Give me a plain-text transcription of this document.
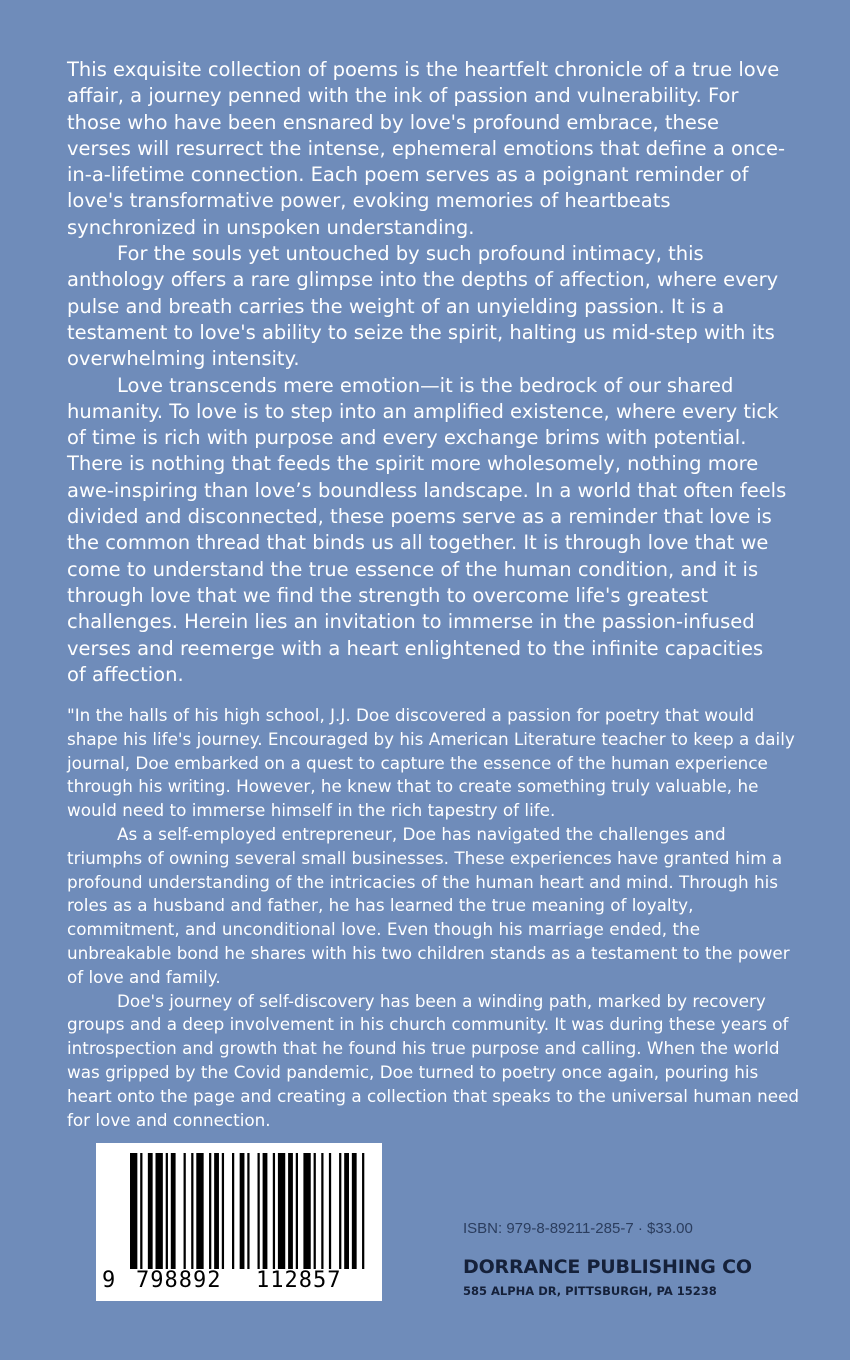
This exquisite collection of poems is the heartfelt chronicle of a true love affair, a journey penned with the ink of passion and vulnerability. For those who have been ensnared by love's profound embrace, these verses will resurrect the intense, ephemeral emotions that define a once-in-a-lifetime connection. Each poem serves as a poignant reminder of love's transformative power, evoking memories of heartbeats synchronized in unspoken understanding.

For the souls yet untouched by such profound intimacy, this anthology offers a rare glimpse into the depths of affection, where every pulse and breath carries the weight of an unyielding passion. It is a testament to love's ability to seize the spirit, halting us mid-step with its overwhelming intensity.

Love transcends mere emotion—it is the bedrock of our shared humanity. To love is to step into an amplified existence, where every tick of time is rich with purpose and every exchange brims with potential. There is nothing that feeds the spirit more wholesomely, nothing more awe-inspiring than love’s boundless landscape. In a world that often feels divided and disconnected, these poems serve as a reminder that love is the common thread that binds us all together. It is through love that we come to understand the true essence of the human condition, and it is through love that we find the strength to overcome life's greatest challenges. Herein lies an invitation to immerse in the passion-infused verses and reemerge with a heart enlightened to the infinite capacities of affection.

"In the halls of his high school, J.J. Doe discovered a passion for poetry that would shape his life's journey. Encouraged by his American Literature teacher to keep a daily journal, Doe embarked on a quest to capture the essence of the human experience through his writing. However, he knew that to create something truly valuable, he would need to immerse himself in the rich tapestry of life.

As a self-employed entrepreneur, Doe has navigated the challenges and triumphs of owning several small businesses. These experiences have granted him a profound understanding of the intricacies of the human heart and mind. Through his roles as a husband and father, he has learned the true meaning of loyalty, commitment, and unconditional love. Even though his marriage ended, the unbreakable bond he shares with his two children stands as a testament to the power of love and family.

Doe's journey of self-discovery has been a winding path, marked by recovery groups and a deep involvement in his church community. It was during these years of introspection and growth that he found his true purpose and calling. When the world was gripped by the Covid pandemic, Doe turned to poetry once again, pouring his heart onto the page and creating a collection that speaks to the universal human need for love and connection.

9 798892 112857
ISBN: 979-8-89211-285-7 · $33.00
DORRANCE PUBLISHING CO
585 ALPHA DR, PITTSBURGH, PA 15238
